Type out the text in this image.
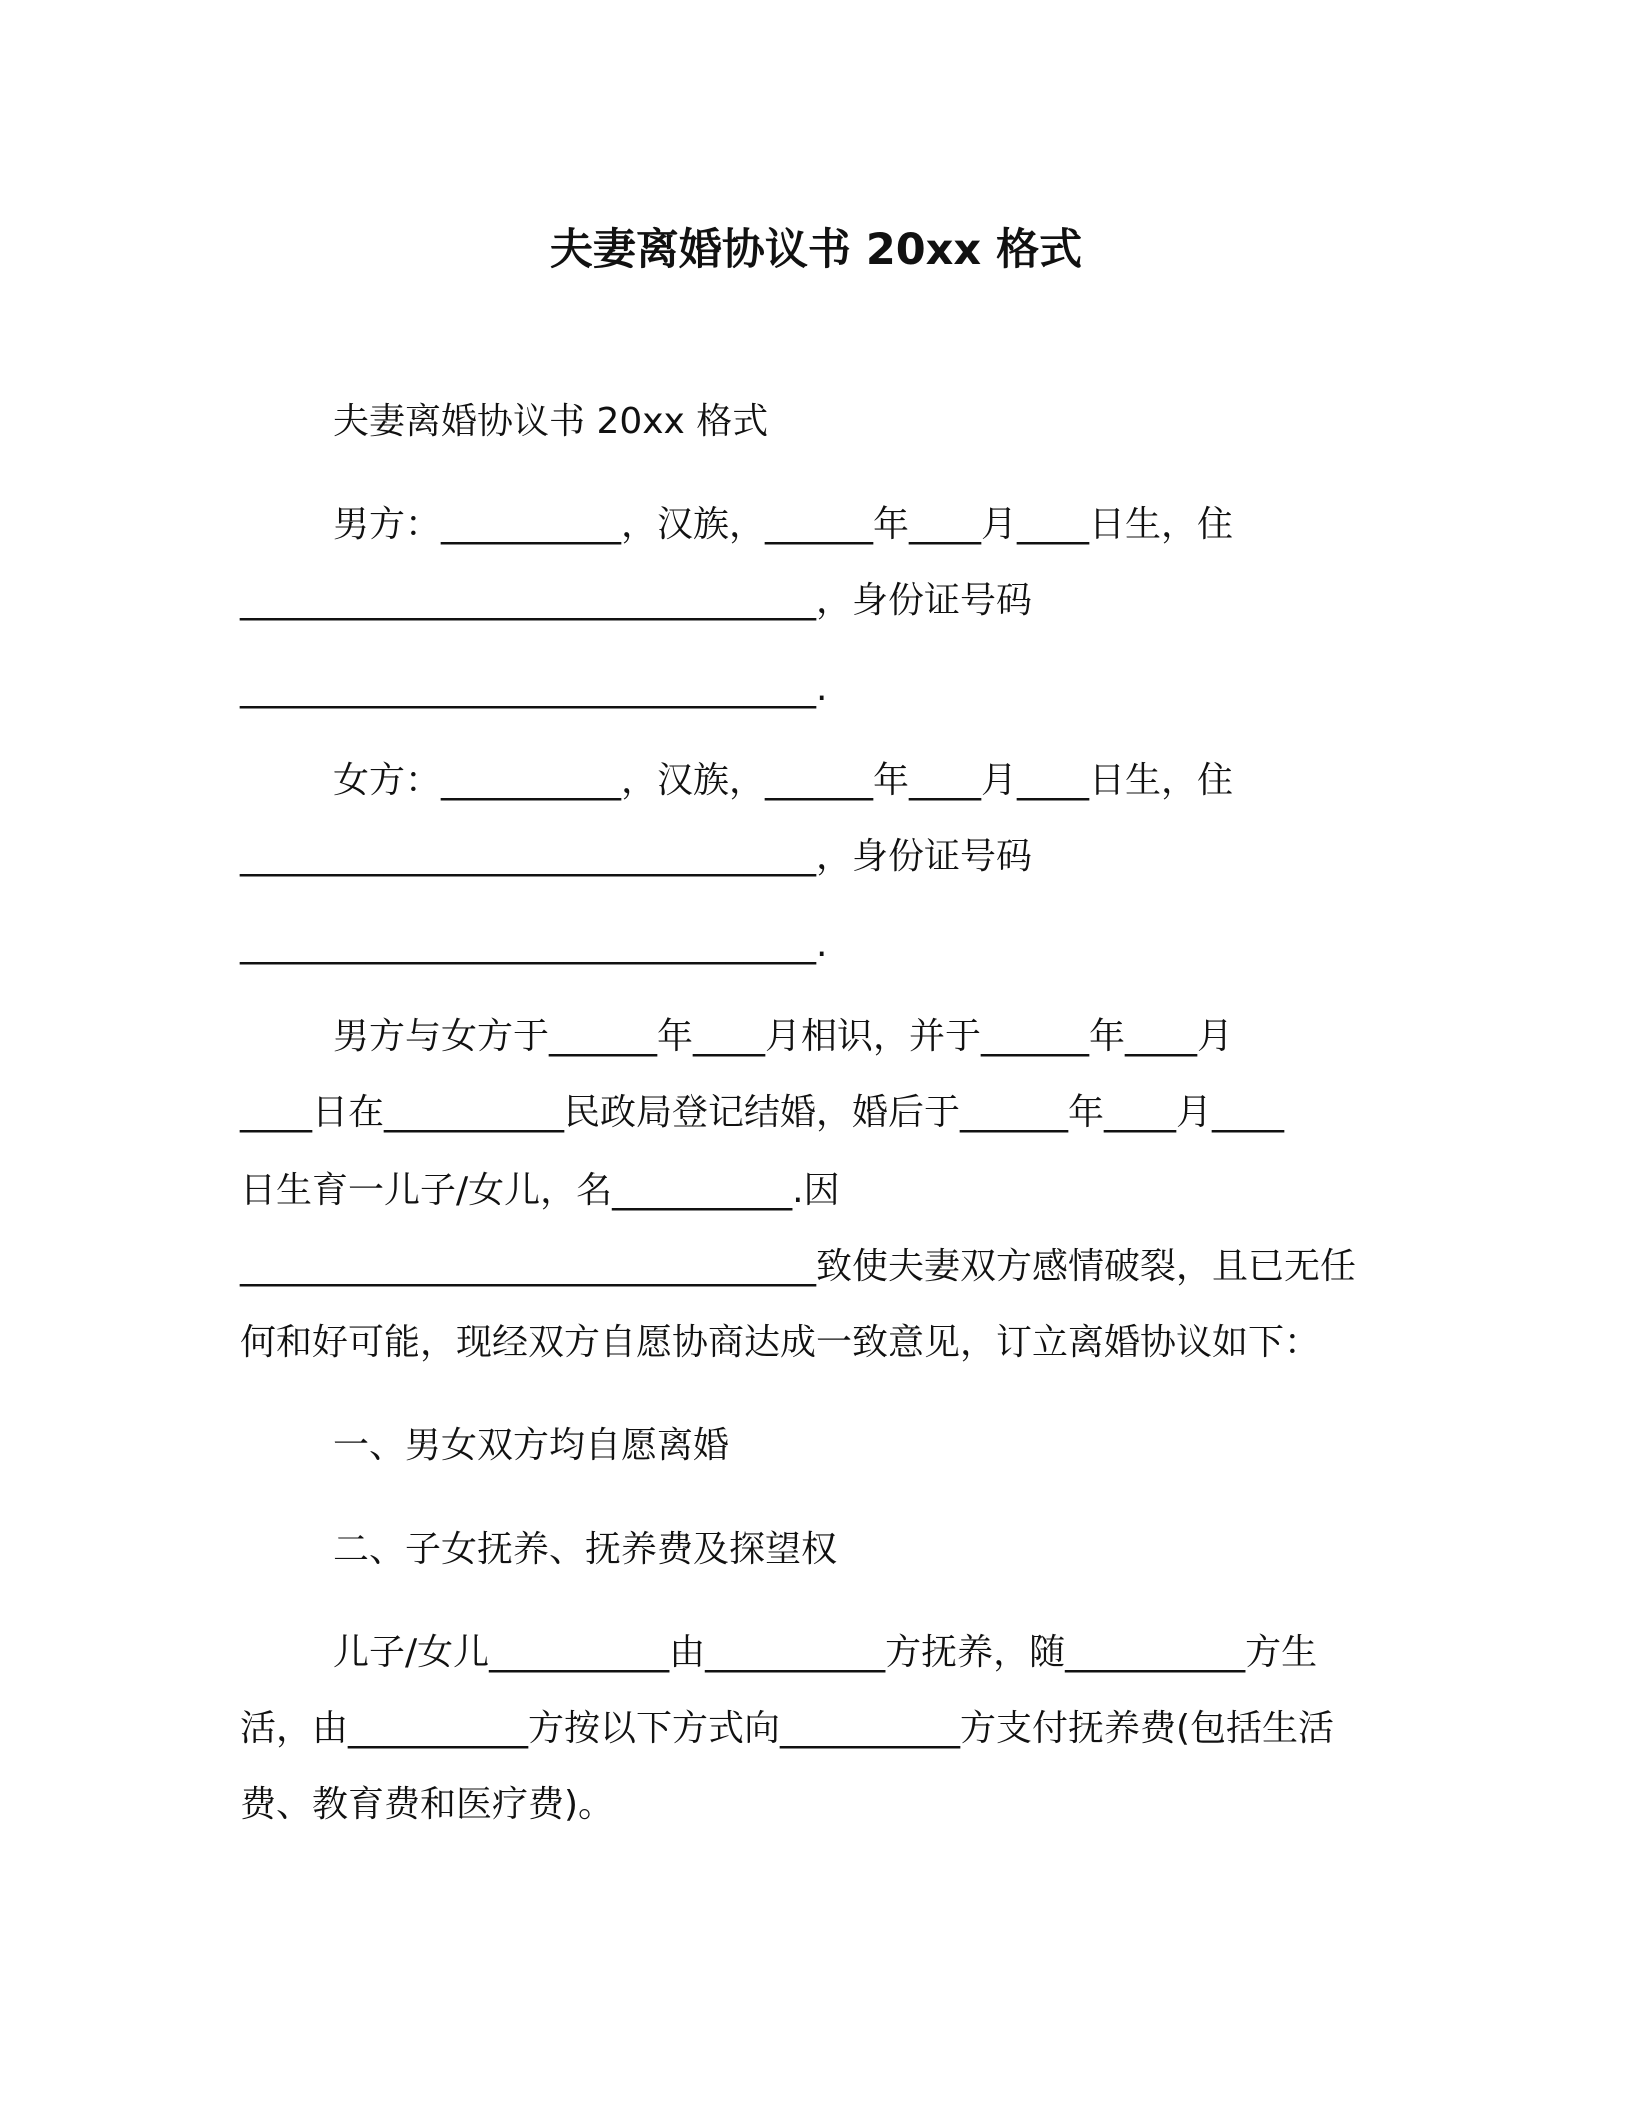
夫妻离婚协议书 20xx 格式
夫妻离婚协议书 20xx 格式
男方：__________，汉族，______年____月____日生，住
________________________________，身份证号码
________________________________.
女方：__________，汉族，______年____月____日生，住
________________________________，身份证号码
________________________________.
男方与女方于______年____月相识，并于______年____月
____日在__________民政局登记结婚，婚后于______年____月____
日生育一儿子/女儿，名__________.因
________________________________致使夫妻双方感情破裂，且已无任
何和好可能，现经双方自愿协商达成一致意见，订立离婚协议如下：
一、男女双方均自愿离婚
二、子女抚养、抚养费及探望权
儿子/女儿__________由__________方抚养，随__________方生
活，由__________方按以下方式向__________方支付抚养费(包括生活
费、教育费和医疗费)。
